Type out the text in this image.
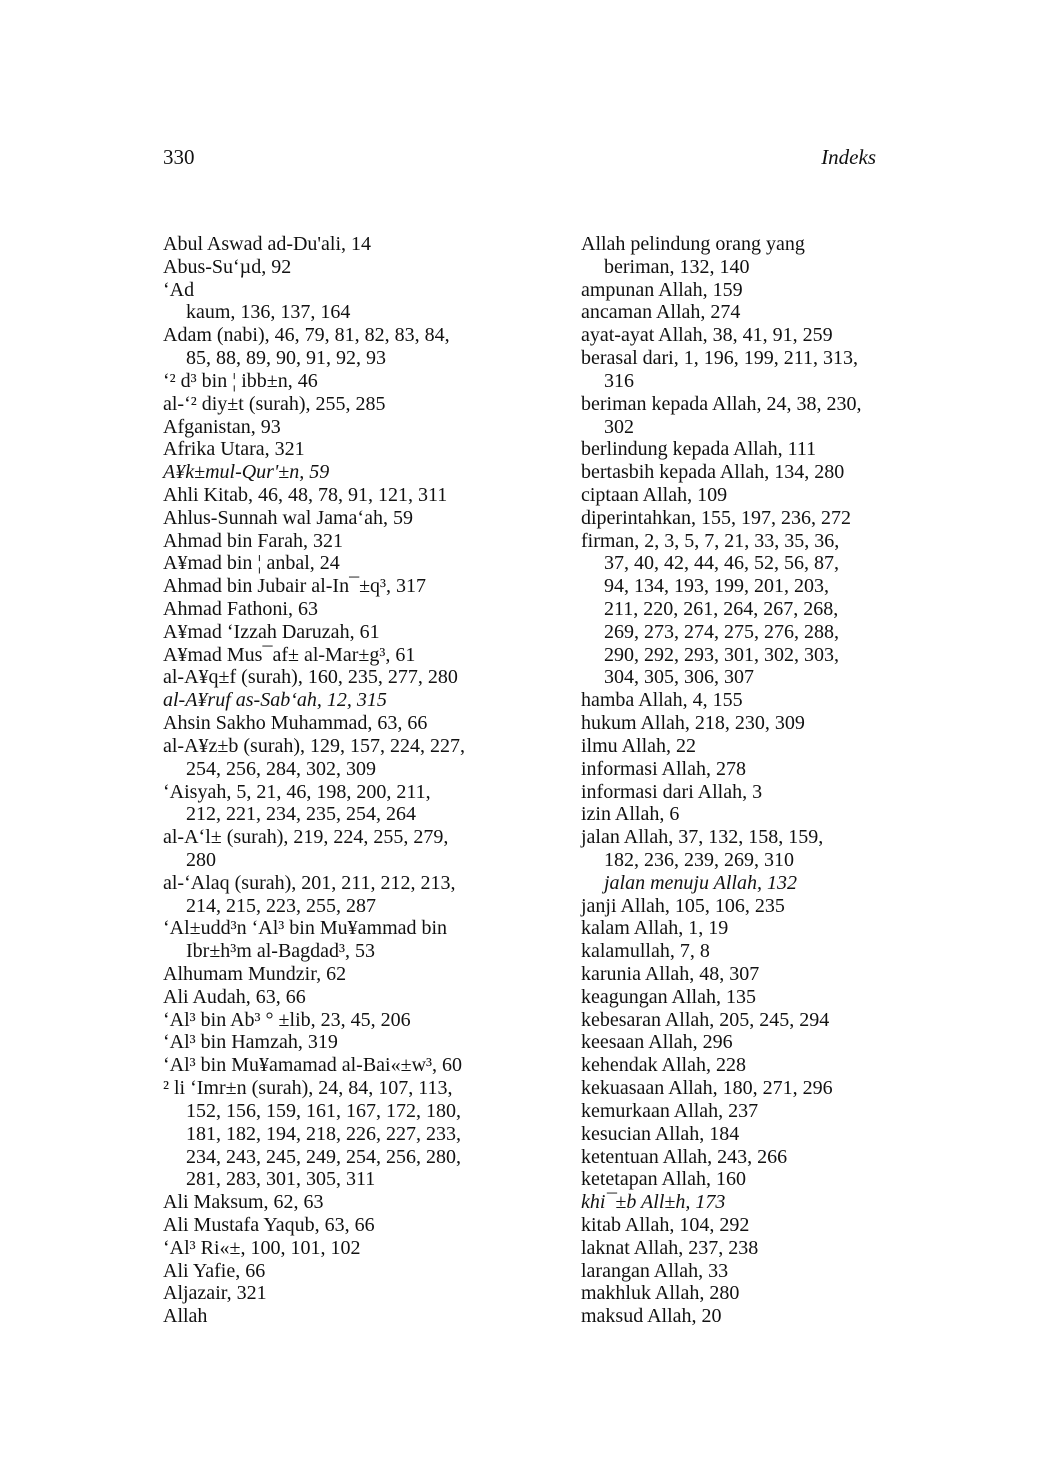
330	Indeks
Abul Aswad ad-Du'ali, 14
Abus-Su‘µd, 92
‘Ad
kaum, 136, 137, 164
Adam (nabi), 46, 79, 81, 82, 83, 84,
85, 88, 89, 90, 91, 92, 93
‘² d³ bin ¦ ibb±n, 46
al-‘² diy±t (surah), 255, 285
Afganistan, 93
Afrika Utara, 321
A¥k±mul-Qur'±n, 59
Ahli Kitab, 46, 48, 78, 91, 121, 311
Ahlus-Sunnah wal Jama‘ah, 59
Ahmad bin Farah, 321
A¥mad bin ¦ anbal, 24
Ahmad bin Jubair al-In¯±q³, 317
Ahmad Fathoni, 63
A¥mad ‘Izzah Daruzah, 61
A¥mad Mus¯af± al-Mar±g³, 61
al-A¥q±f (surah), 160, 235, 277, 280
al-A¥ruf as-Sab‘ah, 12, 315
Ahsin Sakho Muhammad, 63, 66
al-A¥z±b (surah), 129, 157, 224, 227,
254, 256, 284, 302, 309
‘Aisyah, 5, 21, 46, 198, 200, 211,
212, 221, 234, 235, 254, 264
al-A‘l± (surah), 219, 224, 255, 279,
280
al-‘Alaq (surah), 201, 211, 212, 213,
214, 215, 223, 255, 287
‘Al±udd³n ‘Al³ bin Mu¥ammad bin
Ibr±h³m al-Bagdad³, 53
Alhumam Mundzir, 62
Ali Audah, 63, 66
‘Al³ bin Ab³ ° ±lib, 23, 45, 206
‘Al³ bin Hamzah, 319
‘Al³ bin Mu¥amamad al-Bai«±w³, 60
² li ‘Imr±n (surah), 24, 84, 107, 113,
152, 156, 159, 161, 167, 172, 180,
181, 182, 194, 218, 226, 227, 233,
234, 243, 245, 249, 254, 256, 280,
281, 283, 301, 305, 311
Ali Maksum, 62, 63
Ali Mustafa Yaqub, 63, 66
‘Al³ Ri«±, 100, 101, 102
Ali Yafie, 66
Aljazair, 321
Allah
Allah pelindung orang yang
beriman, 132, 140
ampunan Allah, 159
ancaman Allah, 274
ayat-ayat Allah, 38, 41, 91, 259
berasal dari, 1, 196, 199, 211, 313,
316
beriman kepada Allah, 24, 38, 230,
302
berlindung kepada Allah, 111
bertasbih kepada Allah, 134, 280
ciptaan Allah, 109
diperintahkan, 155, 197, 236, 272
firman, 2, 3, 5, 7, 21, 33, 35, 36,
37, 40, 42, 44, 46, 52, 56, 87,
94, 134, 193, 199, 201, 203,
211, 220, 261, 264, 267, 268,
269, 273, 274, 275, 276, 288,
290, 292, 293, 301, 302, 303,
304, 305, 306, 307
hamba Allah, 4, 155
hukum Allah, 218, 230, 309
ilmu Allah, 22
informasi Allah, 278
informasi dari Allah, 3
izin Allah, 6
jalan Allah, 37, 132, 158, 159,
182, 236, 239, 269, 310
jalan menuju Allah, 132
janji Allah, 105, 106, 235
kalam Allah, 1, 19
kalamullah, 7, 8
karunia Allah, 48, 307
keagungan Allah, 135
kebesaran Allah, 205, 245, 294
keesaan Allah, 296
kehendak Allah, 228
kekuasaan Allah, 180, 271, 296
kemurkaan Allah, 237
kesucian Allah, 184
ketentuan Allah, 243, 266
ketetapan Allah, 160
khi¯±b All±h, 173
kitab Allah, 104, 292
laknat Allah, 237, 238
larangan Allah, 33
makhluk Allah, 280
maksud Allah, 20
